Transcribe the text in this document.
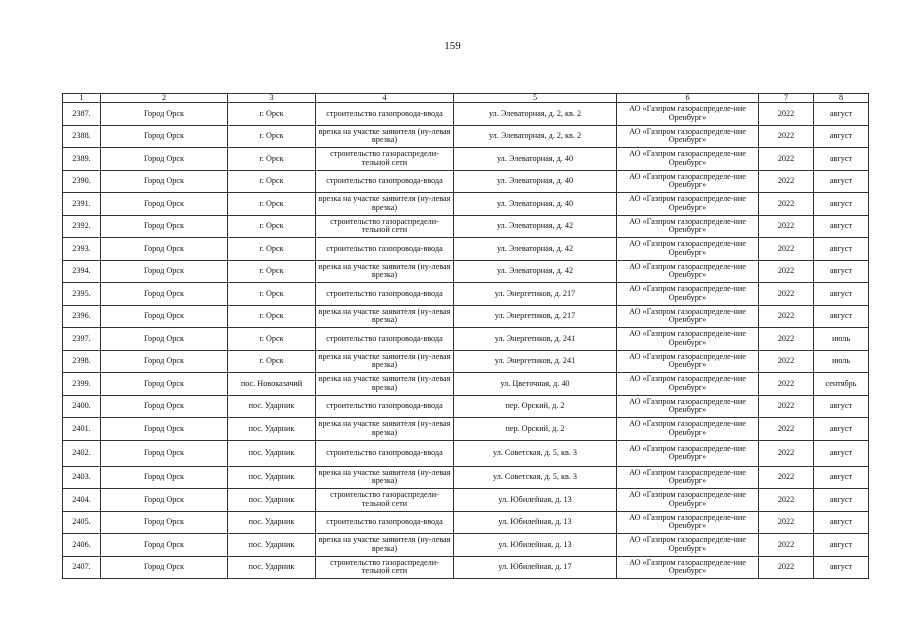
159
1	2	3	4	5	6	7	8
2387.	Город Орск	г. Орск	строительство газопровода-ввода	ул. Элеваторная, д. 2, кв. 2	АО «Газпром газораспределе-ние Оренбург»	2022	август
2388.	Город Орск	г. Орск	врезка на участке заявителя (ну-левая врезка)	ул. Элеваторная, д. 2, кв. 2	АО «Газпром газораспределе-ние Оренбург»	2022	август
2389.	Город Орск	г. Орск	строительство газораспредели-тельной сети	ул. Элеваторная, д. 40	АО «Газпром газораспределе-ние Оренбург»	2022	август
2390.	Город Орск	г. Орск	строительство газопровода-ввода	ул. Элеваторная, д. 40	АО «Газпром газораспределе-ние Оренбург»	2022	август
2391.	Город Орск	г. Орск	врезка на участке заявителя (ну-левая врезка)	ул. Элеваторная, д. 40	АО «Газпром газораспределе-ние Оренбург»	2022	август
2392.	Город Орск	г. Орск	строительство газораспредели-тельной сети	ул. Элеваторная, д. 42	АО «Газпром газораспределе-ние Оренбург»	2022	август
2393.	Город Орск	г. Орск	строительство газопровода-ввода	ул. Элеваторная, д. 42	АО «Газпром газораспределе-ние Оренбург»	2022	август
2394.	Город Орск	г. Орск	врезка на участке заявителя (ну-левая врезка)	ул. Элеваторная, д. 42	АО «Газпром газораспределе-ние Оренбург»	2022	август
2395.	Город Орск	г. Орск	строительство газопровода-ввода	ул. Энергетиков, д. 217	АО «Газпром газораспределе-ние Оренбург»	2022	август
2396.	Город Орск	г. Орск	врезка на участке заявителя (ну-левая врезка)	ул. Энергетиков, д. 217	АО «Газпром газораспределе-ние Оренбург»	2022	август
2397.	Город Орск	г. Орск	строительство газопровода-ввода	ул. Энергетиков, д. 241	АО «Газпром газораспределе-ние Оренбург»	2022	июль
2398.	Город Орск	г. Орск	врезка на участке заявителя (ну-левая врезка)	ул. Энергетиков, д. 241	АО «Газпром газораспределе-ние Оренбург»	2022	июль
2399.	Город Орск	пос. Новоказачий	врезка на участке заявителя (ну-левая врезка)	ул. Цветочная, д. 40	АО «Газпром газораспределе-ние Оренбург»	2022	сентябрь
2400.	Город Орск	пос. Ударник	строительство газопровода-ввода	пер. Орский, д. 2	АО «Газпром газораспределе-ние Оренбург»	2022	август
2401.	Город Орск	пос. Ударник	врезка на участке заявителя (ну-левая врезка)	пер. Орский, д. 2	АО «Газпром газораспределе-ние Оренбург»	2022	август
2402.	Город Орск	пос. Ударник	строительство газопровода-ввода	ул. Советская, д. 5, кв. 3	АО «Газпром газораспределе-ние Оренбург»	2022	август
2403.	Город Орск	пос. Ударник	врезка на участке заявителя (ну-левая врезка)	ул. Советская, д. 5, кв. 3	АО «Газпром газораспределе-ние Оренбург»	2022	август
2404.	Город Орск	пос. Ударник	строительство газораспредели-тельной сети	ул. Юбилейная, д. 13	АО «Газпром газораспределе-ние Оренбург»	2022	август
2405.	Город Орск	пос. Ударник	строительство газопровода-ввода	ул. Юбилейная, д. 13	АО «Газпром газораспределе-ние Оренбург»	2022	август
2406.	Город Орск	пос. Ударник	врезка на участке заявителя (ну-левая врезка)	ул. Юбилейная, д. 13	АО «Газпром газораспределе-ние Оренбург»	2022	август
2407.	Город Орск	пос. Ударник	строительство газораспредели-тельной сети	ул. Юбилейная, д. 17	АО «Газпром газораспределе-ние Оренбург»	2022	август
